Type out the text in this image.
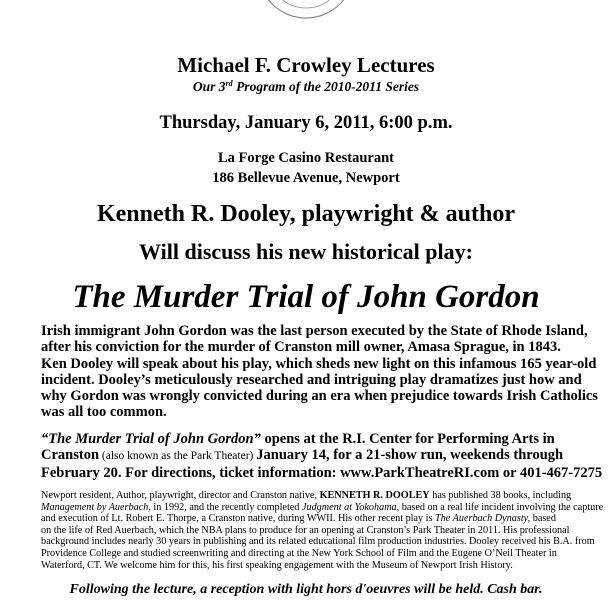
Michael F. Crowley Lectures
Our 3rd Program of the 2010-2011 Series
Thursday, January 6, 2011, 6:00 p.m.
La Forge Casino Restaurant
186 Bellevue Avenue, Newport
Kenneth R. Dooley, playwright & author
Will discuss his new historical play:
The Murder Trial of John Gordon
Irish immigrant John Gordon was the last person executed by the State of Rhode Island,
after his conviction for the murder of Cranston mill owner, Amasa Sprague, in 1843.
Ken Dooley will speak about his play, which sheds new light on this infamous 165 year-old
incident. Dooley’s meticulously researched and intriguing play dramatizes just how and
why Gordon was wrongly convicted during an era when prejudice towards Irish Catholics
was all too common.
“The Murder Trial of John Gordon” opens at the R.I. Center for Performing Arts in
Cranston (also known as the Park Theater) January 14, for a 21-show run, weekends through
February 20. For directions, ticket information: www.ParkTheatreRI.com or 401-467-7275
Newport resident, Author, playwright, director and Cranston native, KENNETH R. DOOLEY has published 38 books, including
Management by Auerbach, in 1992, and the recently completed Judgment at Yokohama, based on a real life incident involving the capture
and execution of Lt. Robert E. Thorpe, a Cranston native, during WWII. His other recent play is The Auerbach Dynasty, based
on the life of Red Auerbach, which the NBA plans to produce for an opening at Cranston’s Park Theater in 2011. His professional
background includes nearly 30 years in publishing and its related educational film production industries. Dooley received his B.A. from
Providence College and studied screenwriting and directing at the New York School of Film and the Eugene O’Neil Theater in
Waterford, CT. We welcome him for this, his first speaking engagement with the Museum of Newport Irish History.
Following the lecture, a reception with light hors d'oeuvres will be held. Cash bar.
